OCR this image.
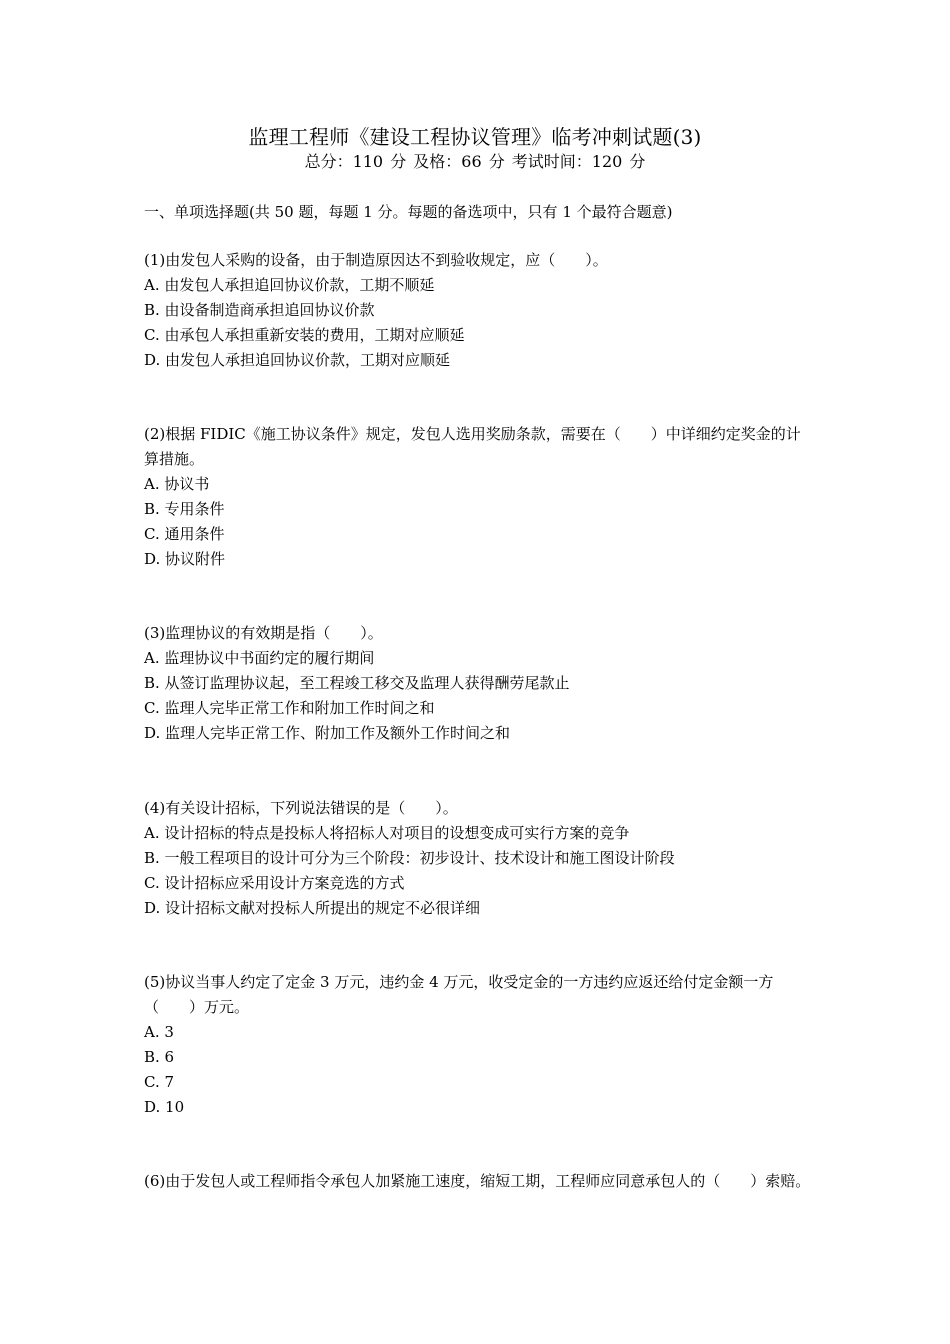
监理工程师《建设工程协议管理》临考冲刺试题(3)
总分：110 分 及格：66 分 考试时间：120 分
一、单项选择题(共 50 题，每题 1 分。每题的备选项中，只有 1 个最符合题意)
(1)由发包人采购的设备，由于制造原因达不到验收规定，应（　　）。
A. 由发包人承担追回协议价款，工期不顺延
B. 由设备制造商承担追回协议价款
C. 由承包人承担重新安装的费用，工期对应顺延
D. 由发包人承担追回协议价款，工期对应顺延
(2)根据 FIDIC《施工协议条件》规定，发包人选用奖励条款，需要在（　　）中详细约定奖金的计算措施。
A. 协议书
B. 专用条件
C. 通用条件
D. 协议附件
(3)监理协议的有效期是指（　　）。
A. 监理协议中书面约定的履行期间
B. 从签订监理协议起，至工程竣工移交及监理人获得酬劳尾款止
C. 监理人完毕正常工作和附加工作时间之和
D. 监理人完毕正常工作、附加工作及额外工作时间之和
(4)有关设计招标，下列说法错误的是（　　）。
A. 设计招标的特点是投标人将招标人对项目的设想变成可实行方案的竞争
B. 一般工程项目的设计可分为三个阶段：初步设计、技术设计和施工图设计阶段
C. 设计招标应采用设计方案竞选的方式
D. 设计招标文献对投标人所提出的规定不必很详细
(5)协议当事人约定了定金 3 万元，违约金 4 万元，收受定金的一方违约应返还给付定金额一方（　　）万元。
A. 3
B. 6
C. 7
D. 10
(6)由于发包人或工程师指令承包人加紧施工速度，缩短工期，工程师应同意承包人的（　　）索赔。
